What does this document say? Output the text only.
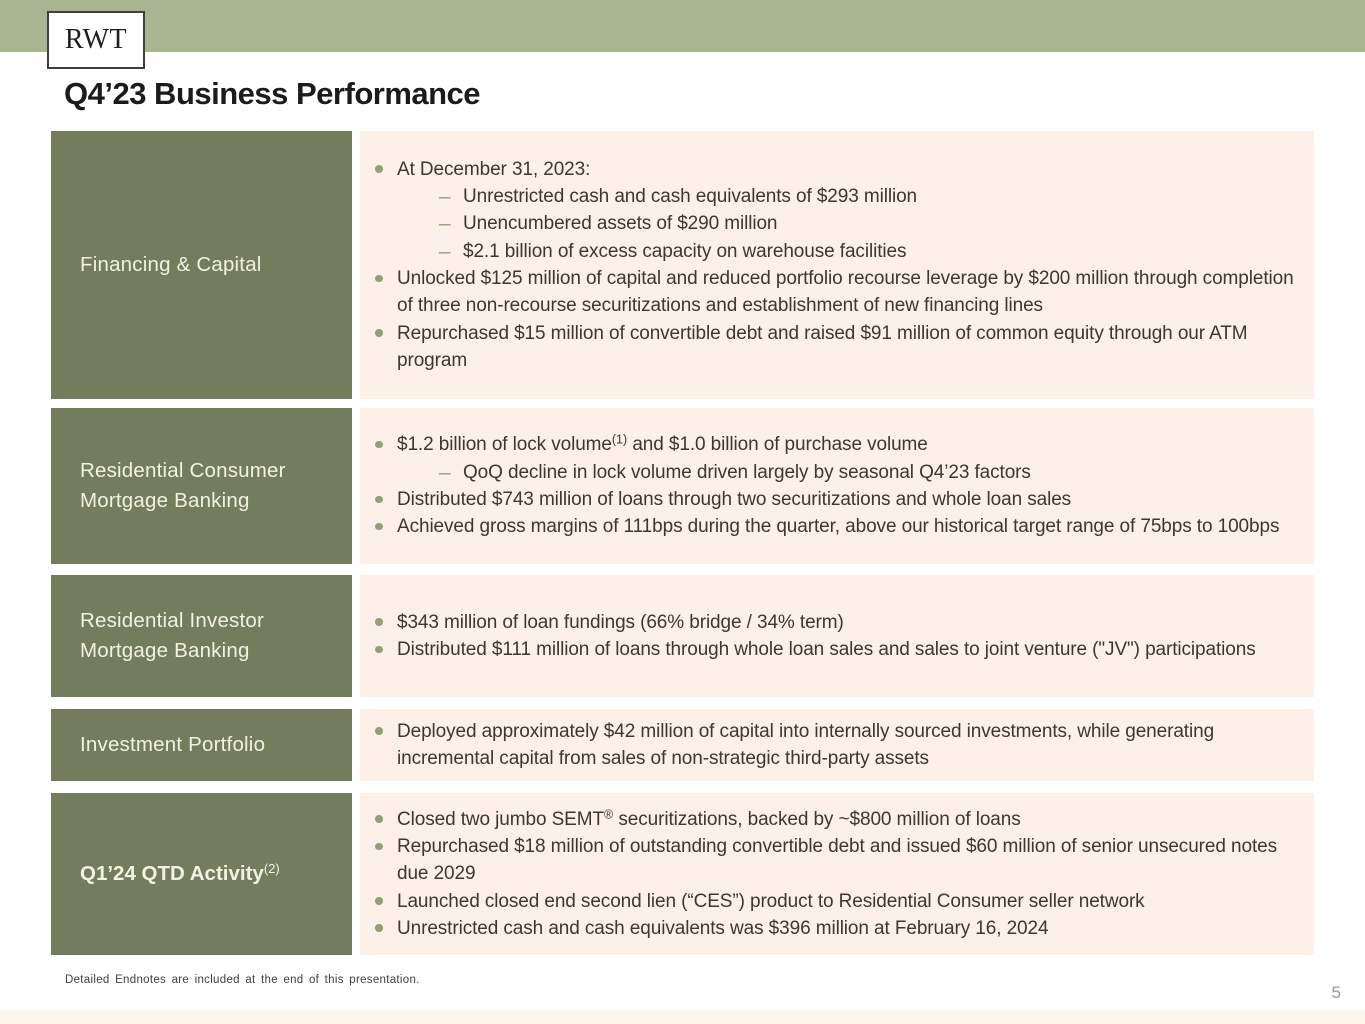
RWT
Q4’23 Business Performance
Financing & Capital
At December 31, 2023:
–
Unrestricted cash and cash equivalents of $293 million
–
Unencumbered assets of $290 million
–
$2.1 billion of excess capacity on warehouse facilities
Unlocked $125 million of capital and reduced portfolio recourse leverage by $200 million through completion of three non-recourse securitizations and establishment of new financing lines
Repurchased $15 million of convertible debt and raised $91 million of common equity through our ATM program
Residential Consumer Mortgage Banking
$1.2 billion of lock volume$^{(1)}$ and $1.0 billion of purchase volume
–
QoQ decline in lock volume driven largely by seasonal Q4’23 factors
Distributed $743 million of loans through two securitizations and whole loan sales
Achieved gross margins of 111bps during the quarter, above our historical target range of 75bps to 100bps
Residential Investor Mortgage Banking
$343 million of loan fundings (66% bridge / 34% term)
Distributed $111 million of loans through whole loan sales and sales to joint venture ("JV") participations
Investment Portfolio
Deployed approximately $42 million of capital into internally sourced investments, while generating incremental capital from sales of non-strategic third-party assets
Q1’24 QTD Activity$^{(2)}$
Closed two jumbo SEMT® securitizations, backed by ~$800 million of loans
Repurchased $18 million of outstanding convertible debt and issued $60 million of senior unsecured notes due 2029
Launched closed end second lien (“CES”) product to Residential Consumer seller network
Unrestricted cash and cash equivalents was $396 million at February 16, 2024
Detailed Endnotes are included at the end of this presentation.
5
